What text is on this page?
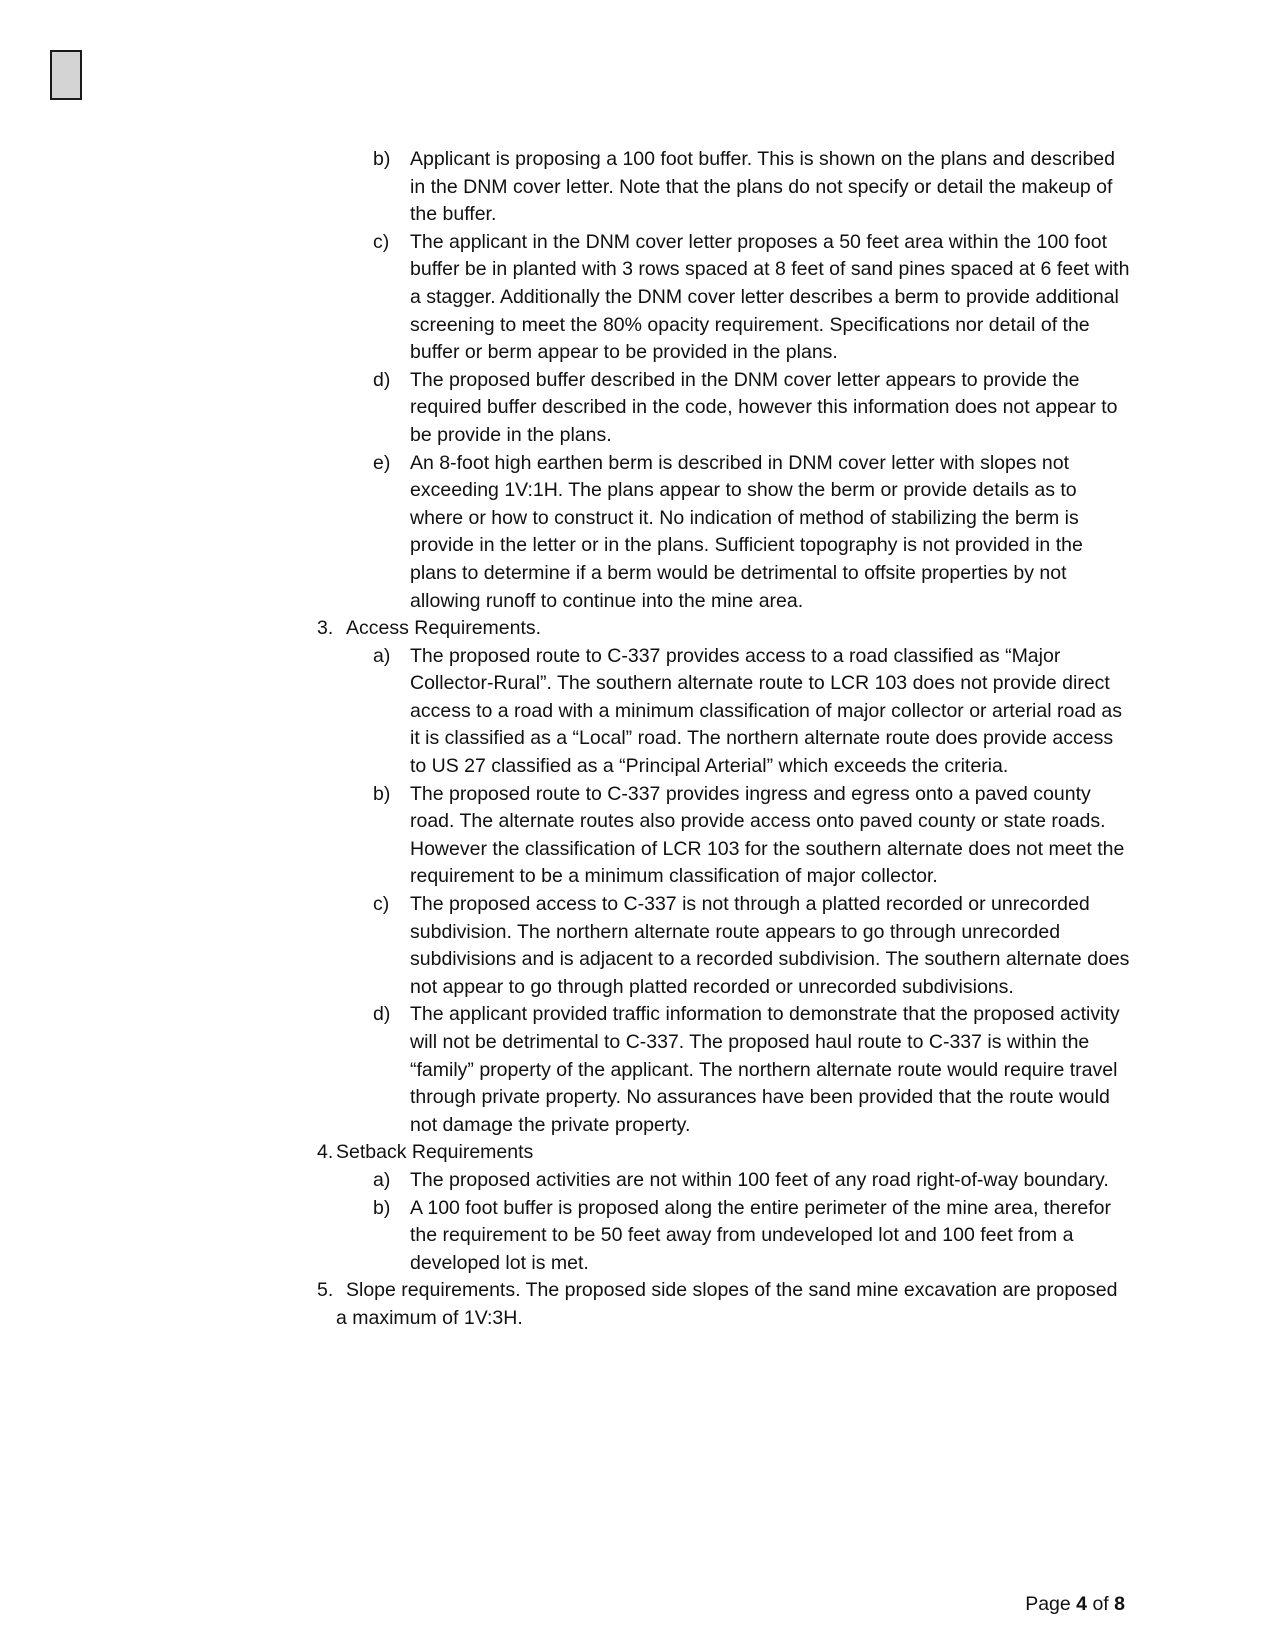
b)	Applicant is proposing a 100 foot buffer. This is shown on the plans and described in the DNM cover letter. Note that the plans do not specify or detail the makeup of the buffer.
c)	The applicant in the DNM cover letter proposes a 50 feet area within the 100 foot buffer be in planted with 3 rows spaced at 8 feet of sand pines spaced at 6 feet with a stagger. Additionally the DNM cover letter describes a berm to provide additional screening to meet the 80% opacity requirement. Specifications nor detail of the buffer or berm appear to be provided in the plans.
d)	The proposed buffer described in the DNM cover letter appears to provide the required buffer described in the code, however this information does not appear to be provide in the plans.
e)	An 8-foot high earthen berm is described in DNM cover letter with slopes not exceeding 1V:1H. The plans appear to show the berm or provide details as to where or how to construct it. No indication of method of stabilizing the berm is provide in the letter or in the plans. Sufficient topography is not provided in the plans to determine if a berm would be detrimental to offsite properties by not allowing runoff to continue into the mine area.
3. Access Requirements.
a)	The proposed route to C-337 provides access to a road classified as “Major Collector-Rural”. The southern alternate route to LCR 103 does not provide direct access to a road with a minimum classification of major collector or arterial road as it is classified as a “Local” road. The northern alternate route does provide access to US 27 classified as a “Principal Arterial” which exceeds the criteria.
b)	The proposed route to C-337 provides ingress and egress onto a paved county road. The alternate routes also provide access onto paved county or state roads. However the classification of LCR 103 for the southern alternate does not meet the requirement to be a minimum classification of major collector.
c)	The proposed access to C-337 is not through a platted recorded or unrecorded subdivision. The northern alternate route appears to go through unrecorded subdivisions and is adjacent to a recorded subdivision. The southern alternate does not appear to go through platted recorded or unrecorded subdivisions.
d)	The applicant provided traffic information to demonstrate that the proposed activity will not be detrimental to C-337. The proposed haul route to C-337 is within the “family” property of the applicant. The northern alternate route would require travel through private property. No assurances have been provided that the route would not damage the private property.
4. Setback Requirements
a)	The proposed activities are not within 100 feet of any road right-of-way boundary.
b)	A 100 foot buffer is proposed along the entire perimeter of the mine area, therefor the requirement to be 50 feet away from undeveloped lot and 100 feet from a developed lot is met.
5. Slope requirements. The proposed side slopes of the sand mine excavation are proposed a maximum of 1V:3H.
Page 4 of 8
